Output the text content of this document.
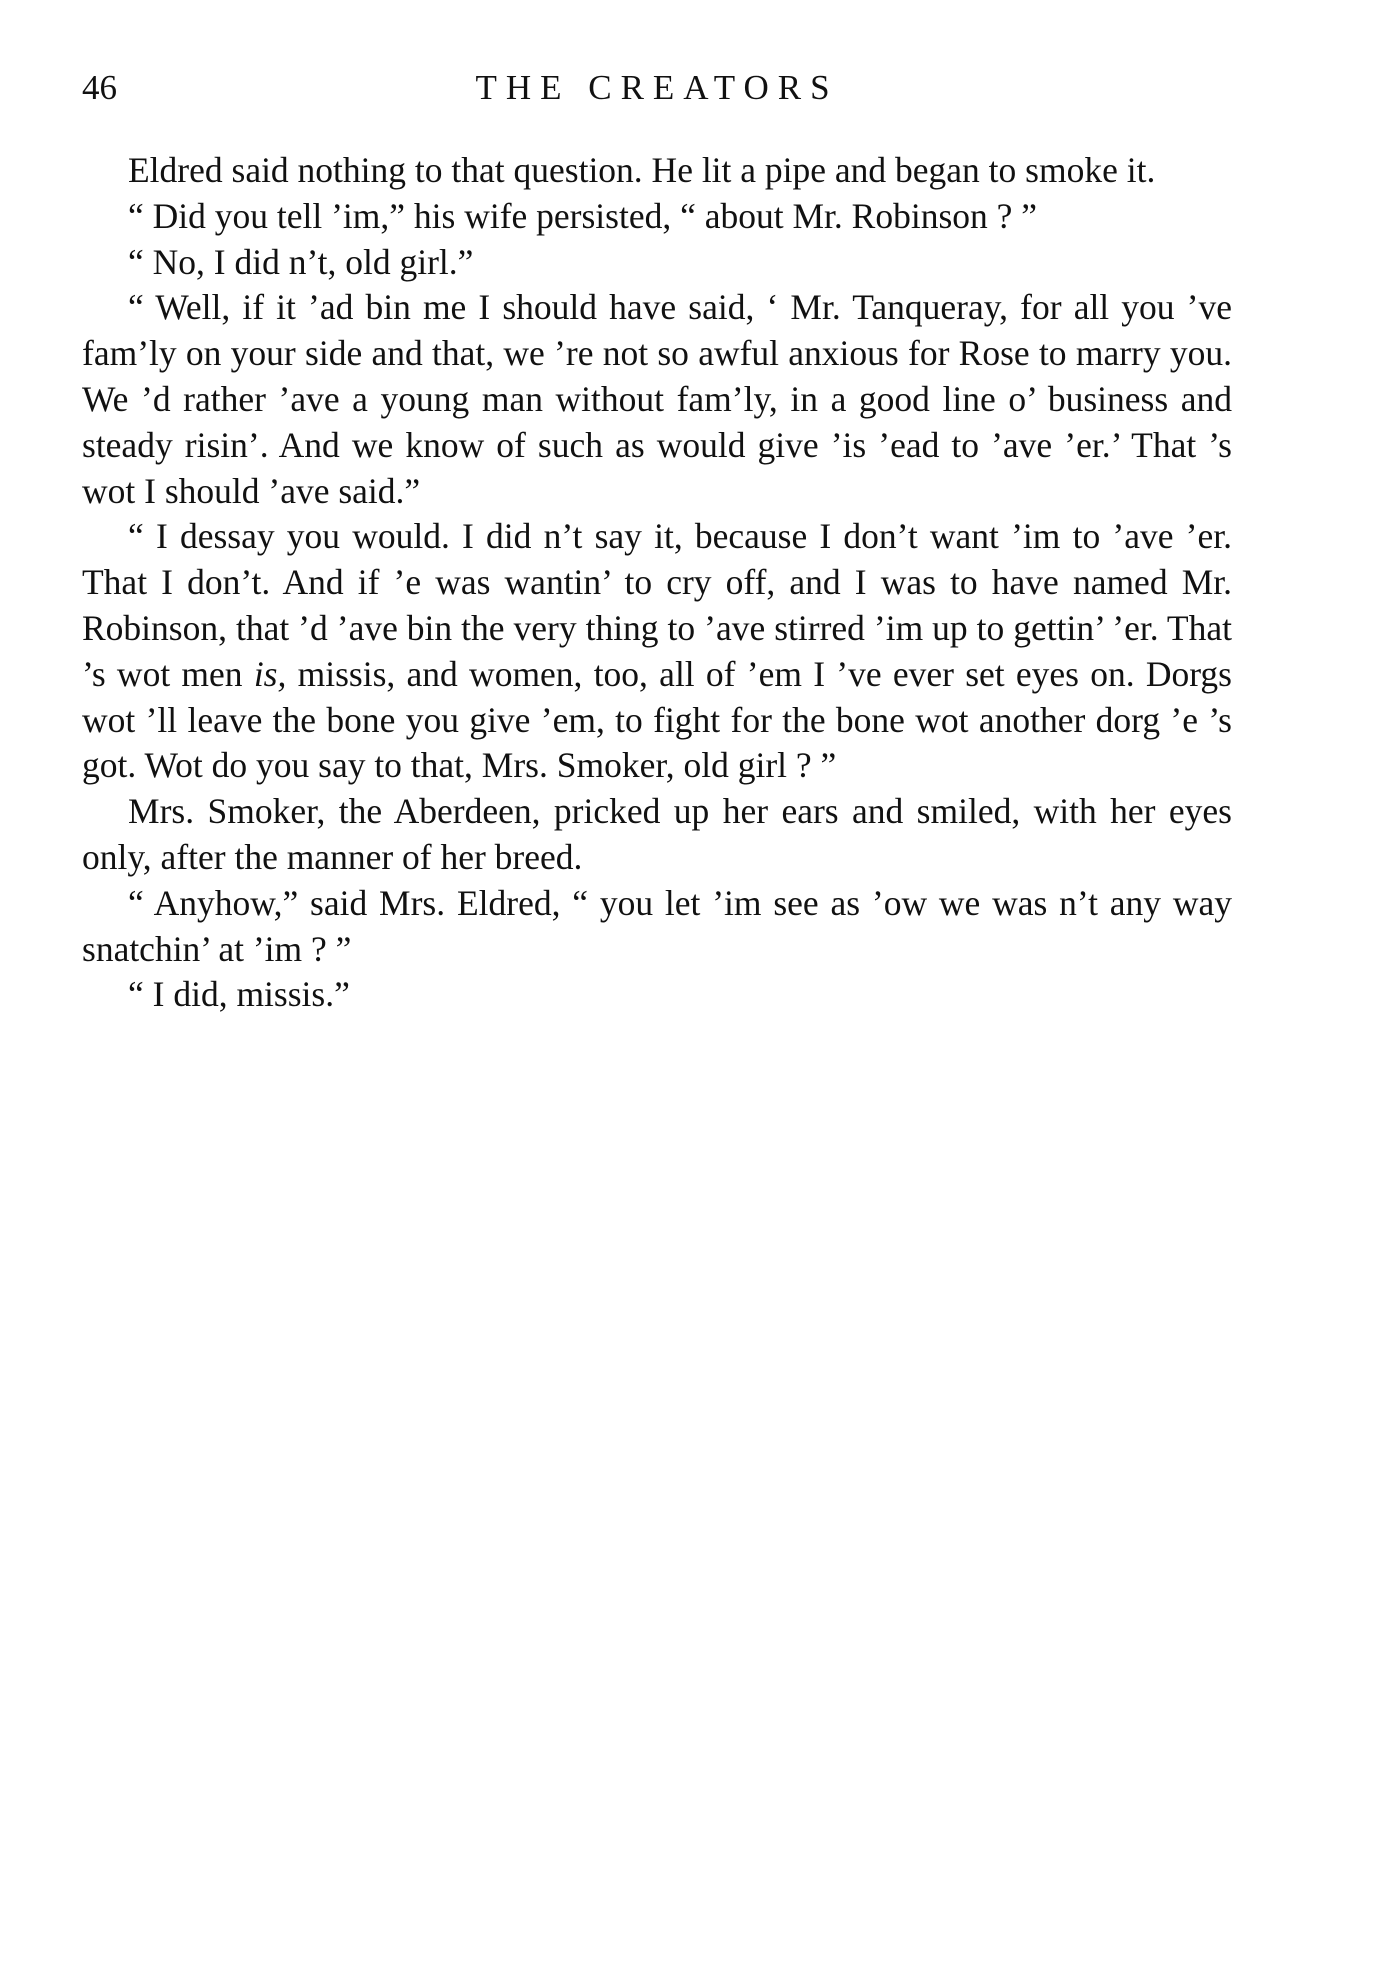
46	THE CREATORS

Eldred said nothing to that question. He lit a pipe and began to smoke it.

“ Did you tell ’im,” his wife persisted, “ about Mr. Robinson ? ”

“ No, I did n’t, old girl.”

“ Well, if it ’ad bin me I should have said, ‘ Mr. Tanqueray, for all you ’ve fam’ly on your side and that, we ’re not so awful anxious for Rose to marry you. We ’d rather ’ave a young man without fam’ly, in a good line o’ business and steady risin’. And we know of such as would give ’is ’ead to ’ave ’er.’ That ’s wot I should ’ave said.”

“ I dessay you would. I did n’t say it, because I don’t want ’im to ’ave ’er. That I don’t. And if ’e was wantin’ to cry off, and I was to have named Mr. Robinson, that ’d ’ave bin the very thing to ’ave stirred ’im up to gettin’ ’er. That ’s wot men is, missis, and women, too, all of ’em I ’ve ever set eyes on. Dorgs wot ’ll leave the bone you give ’em, to fight for the bone wot another dorg ’e ’s got. Wot do you say to that, Mrs. Smoker, old girl ? ”

Mrs. Smoker, the Aberdeen, pricked up her ears and smiled, with her eyes only, after the manner of her breed.

“ Anyhow,” said Mrs. Eldred, “ you let ’im see as ’ow we was n’t any way snatchin’ at ’im ? ”

“ I did, missis.”
